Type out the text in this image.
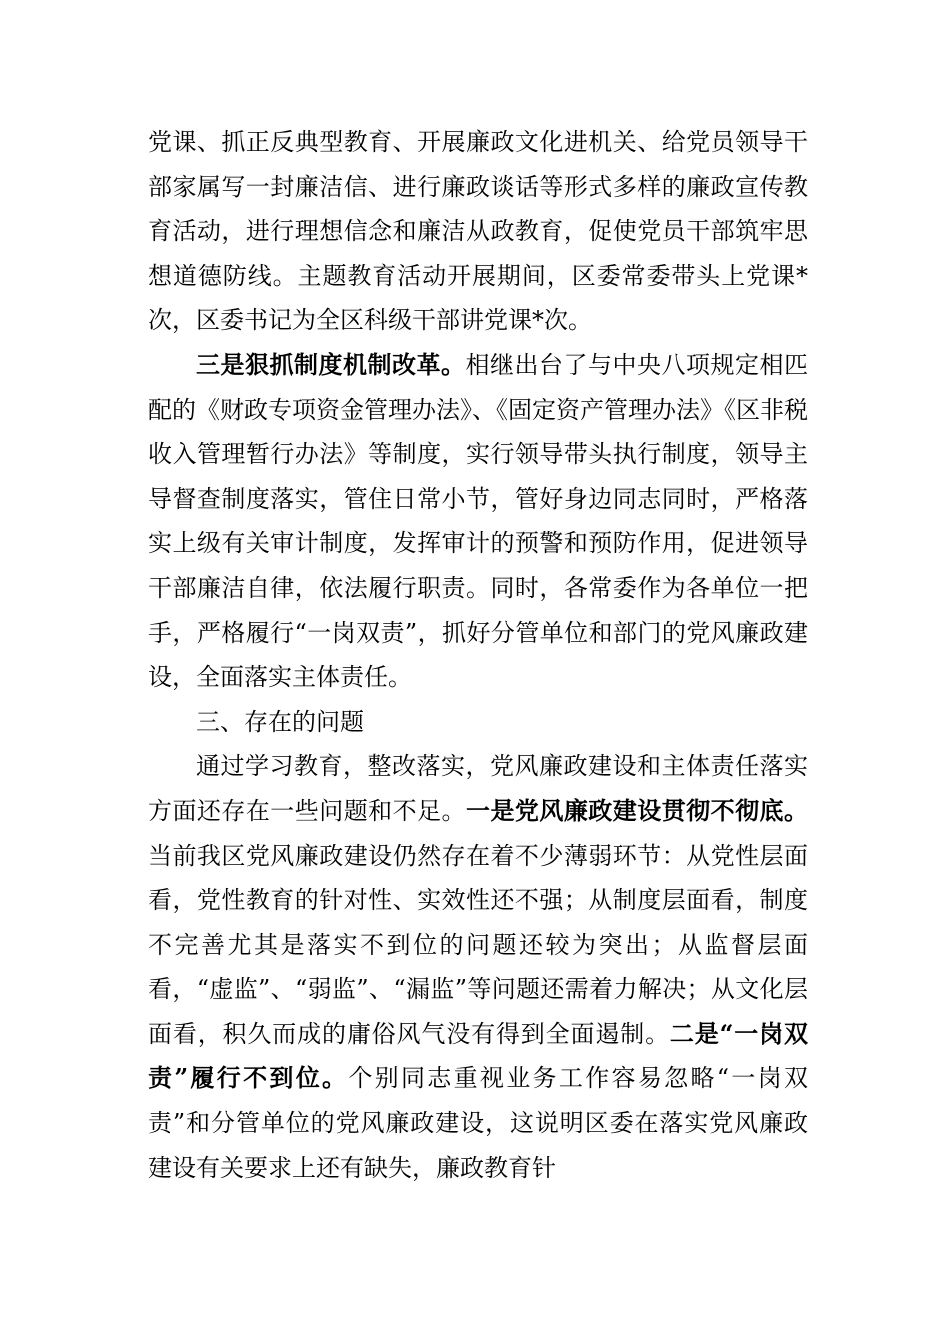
党课、抓正反典型教育、开展廉政文化进机关、给党员领导干部家属写一封廉洁信、进行廉政谈话等形式多样的廉政宣传教育活动，进行理想信念和廉洁从政教育，促使党员干部筑牢思想道德防线。主题教育活动开展期间，区委常委带头上党课*次，区委书记为全区科级干部讲党课*次。

三是狠抓制度机制改革。相继出台了与中央八项规定相匹配的《财政专项资金管理办法》、《固定资产管理办法》《区非税收入管理暂行办法》等制度，实行领导带头执行制度，领导主导督查制度落实，管住日常小节，管好身边同志同时，严格落实上级有关审计制度，发挥审计的预警和预防作用，促进领导干部廉洁自律，依法履行职责。同时，各常委作为各单位一把手，严格履行“一岗双责”，抓好分管单位和部门的党风廉政建设，全面落实主体责任。

三、存在的问题

通过学习教育，整改落实，党风廉政建设和主体责任落实方面还存在一些问题和不足。一是党风廉政建设贯彻不彻底。当前我区党风廉政建设仍然存在着不少薄弱环节：从党性层面看，党性教育的针对性、实效性还不强；从制度层面看，制度不完善尤其是落实不到位的问题还较为突出；从监督层面看，“虚监”、“弱监”、“漏监”等问题还需着力解决；从文化层面看，积久而成的庸俗风气没有得到全面遏制。二是“一岗双责”履行不到位。个别同志重视业务工作容易忽略“一岗双责”和分管单位的党风廉政建设，这说明区委在落实党风廉政建设有关要求上还有缺失，廉政教育针
